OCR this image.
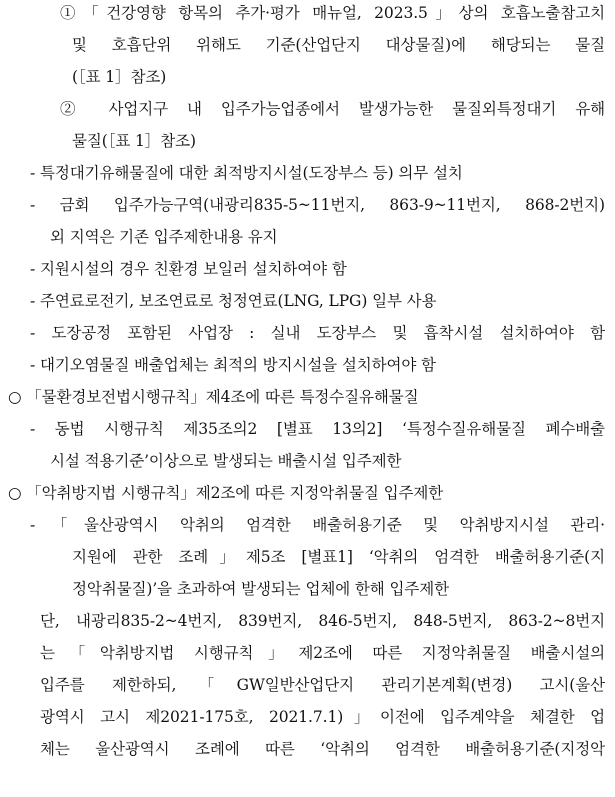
①「건강영향 항목의 추가·평가 매뉴얼, 2023.5」상의 호흡노출참고치
및 호흡단위 위해도 기준(산업단지 대상물질)에 해당되는 물질
(［표 1］참조)
② 사업지구 내 입주가능업종에서 발생가능한 물질외특정대기 유해
물질(［표 1］참조)
- 특정대기유해물질에 대한 최적방지시설(도장부스 등) 의무 설치
- 금회 입주가능구역(내광리835-5~11번지, 863-9~11번지, 868-2번지)
외 지역은 기존 입주제한내용 유지
- 지원시설의 경우 친환경 보일러 설치하여야 함
- 주연료로전기, 보조연료로 청정연료(LNG, LPG) 일부 사용
- 도장공정 포함된 사업장 : 실내 도장부스 및 흡착시설 설치하여야 함
- 대기오염물질 배출업체는 최적의 방지시설을 설치하여야 함
○ 「물환경보전법시행규칙」제4조에 따른 특정수질유해물질
- 동법 시행규칙 제35조의2 [별표 13의2] ‘특정수질유해물질 폐수배출
시설 적용기준’이상으로 발생되는 배출시설 입주제한
○ 「악취방지법 시행규칙」제2조에 따른 지정악취물질 입주제한
-「울산광역시 악취의 엄격한 배출허용기준 및 악취방지시설 관리·
지원에 관한 조례」제5조 [별표1] ‘악취의 엄격한 배출허용기준(지
정악취물질)’을 초과하여 발생되는 업체에 한해 입주제한
단, 내광리835-2~4번지, 839번지, 846-5번지, 848-5번지, 863-2~8번지
는「악취방지법 시행규칙」제2조에 따른 지정악취물질 배출시설의
입주를 제한하되,「GW일반산업단지 관리기본계획(변경) 고시(울산
광역시 고시 제2021-175호, 2021.7.1)」이전에 입주계약을 체결한 업
체는 울산광역시 조례에 따른 ‘악취의 엄격한 배출허용기준(지정악
